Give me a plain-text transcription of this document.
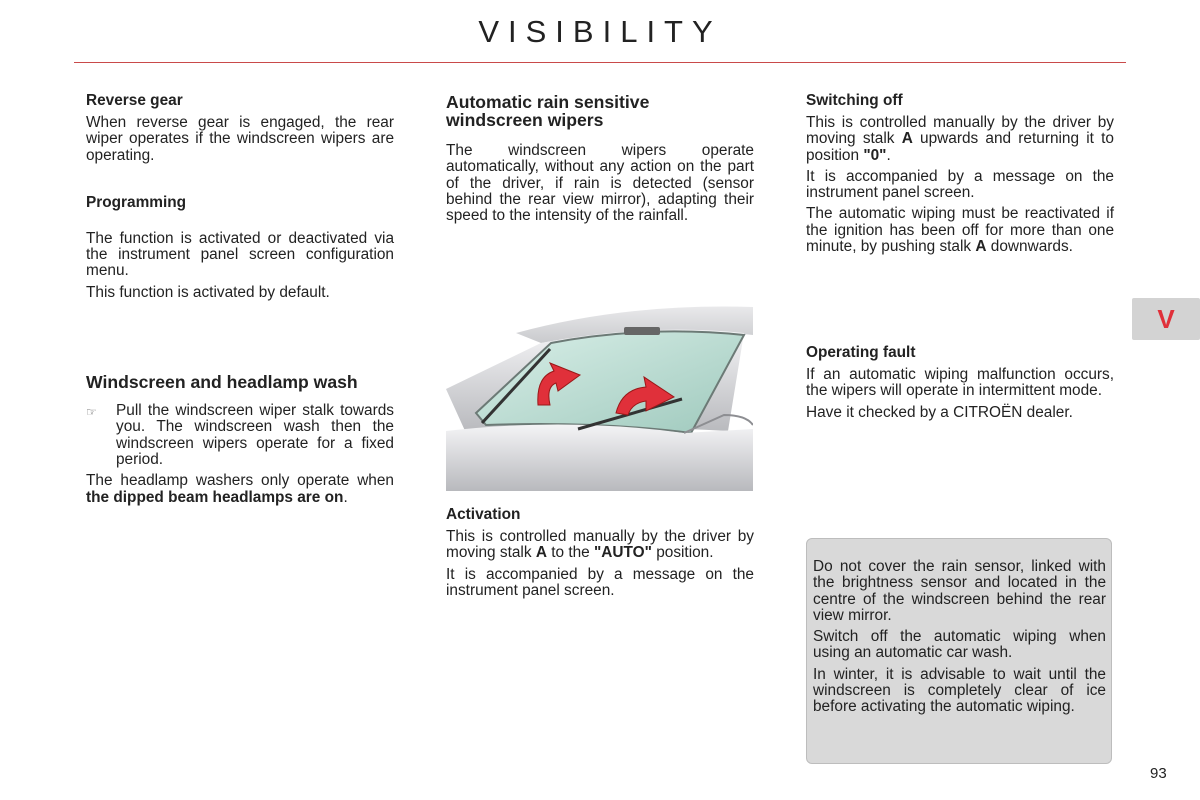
VISIBILITY
Reverse gear

When reverse gear is engaged, the rear wiper operates if the windscreen wipers are operating.

Programming

The function is activated or deactivated via the instrument panel screen configuration menu.

This function is activated by default.

Windscreen and headlamp wash
☞	Pull the windscreen wiper stalk towards you. The windscreen wash then the windscreen wipers operate for a fixed period.

The headlamp washers only operate when the dipped beam headlamps are on.

Automatic rain sensitive windscreen wipers

The windscreen wipers operate automatically, without any action on the part of the driver, if rain is detected (sensor behind the rear view mirror), adapting their speed to the intensity of the rainfall.

Activation

This is controlled manually by the driver by moving stalk A to the "AUTO" position.

It is accompanied by a message on the instrument panel screen.

Switching off

This is controlled manually by the driver by moving stalk A upwards and returning it to position "0".

It is accompanied by a message on the instrument panel screen.

The automatic wiping must be reactivated if the ignition has been off for more than one minute, by pushing stalk A downwards.

Operating fault

If an automatic wiping malfunction occurs, the wipers will operate in intermittent mode.

Have it checked by a CITROËN dealer.

Do not cover the rain sensor, linked with the brightness sensor and located in the centre of the windscreen behind the rear view mirror.

Switch off the automatic wiping when using an automatic car wash.

In winter, it is advisable to wait until the windscreen is completely clear of ice before activating the automatic wiping.

V
93
